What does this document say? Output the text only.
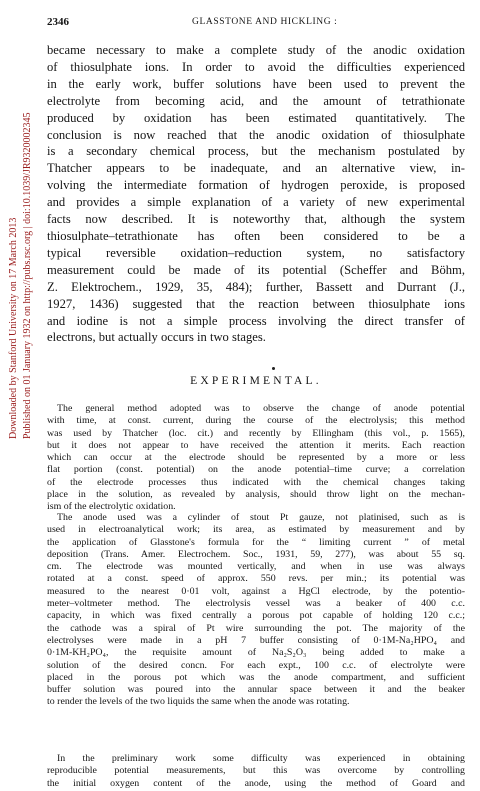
Downloaded by Stanford University on 17 March 2013 Published on 01 January 1932 on http://pubs.rsc.org | doi:10.1039/JR9320002345
2346	GLASSTONE AND HICKLING :
became necessary to make a complete study of the anodic oxidation
of thiosulphate ions. In order to avoid the difficulties experienced
in the early work, buffer solutions have been used to prevent the
electrolyte from becoming acid, and the amount of tetrathionate
produced by oxidation has been estimated quantitatively. The
conclusion is now reached that the anodic oxidation of thiosulphate
is a secondary chemical process, but the mechanism postulated by
Thatcher appears to be inadequate, and an alternative view, in-
volving the intermediate formation of hydrogen peroxide, is proposed
and provides a simple explanation of a variety of new experimental
facts now described. It is noteworthy that, although the system
thiosulphate–tetrathionate has often been considered to be a
typical reversible oxidation–reduction system, no satisfactory
measurement could be made of its potential (Scheffer and Böhm,
Z. Elektrochem., 1929, 35, 484); further, Bassett and Durrant (J.,
1927, 1436) suggested that the reaction between thiosulphate ions
and iodine is not a simple process involving the direct transfer of
electrons, but actually occurs in two stages.
EXPERIMENTAL.
The general method adopted was to observe the change of anode potential
with time, at const. current, during the course of the electrolysis; this method
was used by Thatcher (loc. cit.) and recently by Ellingham (this vol., p. 1565),
but it does not appear to have received the attention it merits. Each reaction
which can occur at the electrode should be represented by a more or less
flat portion (const. potential) on the anode potential–time curve; a correlation
of the electrode processes thus indicated with the chemical changes taking
place in the solution, as revealed by analysis, should throw light on the mechan-
ism of the electrolytic oxidation.
The anode used was a cylinder of stout Pt gauze, not platinised, such as is
used in electroanalytical work; its area, as estimated by measurement and by
the application of Glasstone's formula for the “ limiting current ” of metal
deposition (Trans. Amer. Electrochem. Soc., 1931, 59, 277), was about 55 sq.
cm. The electrode was mounted vertically, and when in use was always
rotated at a const. speed of approx. 550 revs. per min.; its potential was
measured to the nearest 0·01 volt, against a HgCl electrode, by the potentio-
meter–voltmeter method. The electrolysis vessel was a beaker of 400 c.c.
capacity, in which was fixed centrally a porous pot capable of holding 120 c.c.;
the cathode was a spiral of Pt wire surrounding the pot. The majority of the
electrolyses were made in a pH 7 buffer consisting of 0·1M-Na₂HPO₄ and
0·1M-KH₂PO₄, the requisite amount of Na₂S₂O₃ being added to make a
solution of the desired concn. For each expt., 100 c.c. of electrolyte were
placed in the porous pot which was the anode compartment, and sufficient
buffer solution was poured into the annular space between it and the beaker
to render the levels of the two liquids the same when the anode was rotating.
In the preliminary work some difficulty was experienced in obtaining
reproducible potential measurements, but this was overcome by controlling
the initial oxygen content of the anode, using the method of Goard and
